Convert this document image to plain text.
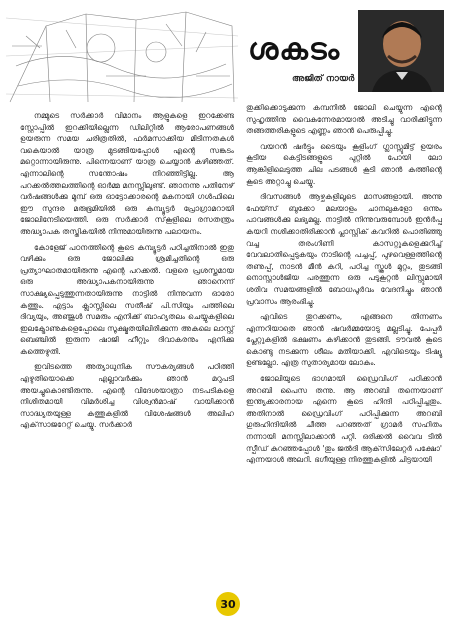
ശകടം
അജിത് നായർ

നമ്മുടെ സർക്കാർ വിമാനം ആളുകളെ ഇറക്കേണ്ട സ്റ്റോപ്പിൽ ഇറക്കിയില്ലെന്ന ഡിലിറ്റിൽ ആരോപണങ്ങൾ ഉയരുന്ന സമയ ചരിത്രതിൽ, ഫർമസാക്കിയ മിടിന്നതകൾ വകെയാൽ യാത്ര മുടങ്ങിയപ്പോൾ എന്റെ സങ്കടം മറ്റൊന്നായിരുന്നു. പിന്നെയാണ് യാത്ര ചെയ്യാൻ കഴിഞ്ഞത്. എന്നാലിന്റെ സന്തോഷം നിറഞ്ഞിട്ടില്ല. ആ പറക്കൽത്തലത്തിന്റെ ഓർമ്മ മനസ്സിലുണ്ട്. ഞാനന്നു പതിനേഴ് വർഷങ്ങൾക്കു മുമ്പ് ഒരു ഓട്ടോക്കാരന്റെ മകനായി ഗൾഫിലെ ഈ സുന്ദര മരുഭൂമിയിൽ ഒരു കമ്പ്യൂട്ടർ പ്രോഗ്രാമറായി ജോലിനേടിയെത്തി. ഒരു സർക്കാർ സ്‌കൂളിലെ രസതന്ത്രം അദ്ധ്യാപക തസ്തികയിൽ നിന്നുമായിരുന്നു പലായനം.

കോളേജ് പഠനത്തിന്റെ കൂടെ കമ്പ്യൂട്ടർ പഠിച്ചതിനാൽ ഇതു വഴിക്കും ഒരു ജോലിക്കു ശ്രമിച്ചതിന്റെ ഒരു പ്രത്യാഘാതമായിരുന്നു എന്റെ പറക്കൽ. വളരെ പ്രശസ്തമായ ഒരു അദ്ധ്യാപകനായിരുന്നു ഞാനെന്ന് സാക്ഷ്യപ്പെടുത്തുന്നതായിരുന്നു നാട്ടിൽ നിന്നുവന്ന ഓരോ കത്തും. എട്ടാം ക്ലാസ്സിലെ സതീഷ് പി.സിയും പത്തിലെ ദിവ്യയും, അഞ്ജുൾ സമരും എനിക്ക് ബാഹ്യതലം ചെയ്യുകളിലെ ഇലക്ട്രോണുകളെപ്പോലെ സൂക്ഷ്മതയിലിരിക്കുന്ന അകലെ ലാസ്റ്റ് ബെഞ്ചിൽ ഇരുന്ന ഷാജി ഹീറ്റും ദിവാകരനും എനിക്കു കത്തെഴുതി.

ഇവിടത്തെ അത്യാധുനിക സൗകര്യങ്ങൾ പഠിത്തി എഴുതിയൊക്കെ എല്ലാവർക്കും ഞാൻ മറുപടി അയച്ചുകൊണ്ടിരുന്നു. എന്റെ വിദേശയാത്രാ നടപടികളെ നിശിതമായി വിമർശിച്ച വിശ്വൻമാഷ് വായിക്കാൻ സാദ്ധ്യതയുള്ള കത്തുകളിൽ വിശേഷങ്ങൾ അലിഹ എക്‌സാജറേറ്റ് ചെയ്യു. സർക്കാർ

തുക്കിക്കൊടുക്കുന്ന കമ്പനിൽ ജോലി ചെയ്യുന്ന എന്റെ സുഹൃത്തിനു വൈകുന്നേരമായാൽ അടിച്ചു വാരിക്കിട്ടുന്ന തങ്ങത്തരികളുടെ എണ്ണം ഞാൻ പെരുപ്പിച്ചു.

വയറൻ ഷർട്ടും ടൈയും കൂളിംഗ് ഗ്ലാസ്സുമിട്ട് ഉയരം കൂടിയ കെട്ടിടങ്ങളുടെ പുറ്റിൽ പോയി ലോ ആങ്കിളിലെടുത്ത ചില പടങ്ങൾ കൂടി ഞാൻ കത്തിന്റെ കൂടെ അറ്റാച്ചു ചെയ്യു.

ദിവസങ്ങൾ ആഴ്ചകളിലൂടെ മാസങ്ങളായി. അന്നു ഫേയ്‌സ് ബുക്കോ മലയാളം ചാനലുകളോ ഒന്നും പാവങ്ങൾക്കു ലഭ്യമല്ല. നാട്ടിൽ നിന്നുവരുമ്പോൾ ഇൻർപ്പ കയറി നശിക്കാതിരിക്കാൻ പ്ലാസ്റ്റിക് കവറിൽ പൊതിഞ്ഞു വച്ച തരംഗിണി കാസറ്റുകളെക്കുറിച്ച് വേവലാതിപ്പെടുകയും നാടിന്റെ പച്ചപ്പ്, പുഴവെള്ളത്തിന്റെ തണുപ്പ്, നാടൻ മീൻ കറി, പഠിച്ച സ്കൂൾ മുറ്റം, തുടങ്ങി നൊസ്റ്റാൾജിയ പരത്തുന്ന ഒരു പടുകൂറ്റൻ ലിസ്റ്റുമായി ശരിവ സമയങ്ങളിൽ ബോധപൂർവം വേദനിച്ചും ഞാൻ പ്രവാസം ആരംഭിച്ചു.

എവിടെ തുറക്കണം, എങ്ങനെ തിന്നണം എന്നറിയാതെ ഞാൻ ഷവർമ്മയോടു മല്ലടിച്ചു. പേപ്പർ പ്ലേറ്റുകളിൽ ഭക്ഷണം കഴിക്കാൻ തുടങ്ങി. ടൗവൽ കൂടെ കൊണ്ടു നടക്കുന്ന ശീലം മതിയാക്കി. എവിടെയും ടിഷ്യു ഉണ്ടല്ലോ. എത്ര സുതാര്യമായ ലോകം.

ജോലിയുടെ ഭാഗമായി ഡ്രൈവിംഗ് പഠിക്കാൻ അറബി പൈസ തന്നു. ആ അറബി തന്നെയാണ് ഇന്ത്യക്കാരനായ എന്നെ കൂടെ ഹിന്ദി പഠിപ്പിച്ചതും. അതിനാൽ ഡ്രൈവിംഗ് പഠിപ്പിക്കുന്ന അറബി ഗുരുഹിന്ദിയിൽ ചീത്ത പറഞ്ഞത് ഗ്രാമർ സഹിതം നന്നായി മനസ്സിലാക്കാൻ പറ്റി. ഒരിക്കൽ വൈവ ടിൽ സ്പീഡ് കുറഞ്ഞപ്പോൾ 'തും ജൽദി ആക്‌സിലേറ്റർ പക്ഷോ' എന്നയാൾ അലറി. ഭഗീയുള്ള നിരത്തുകളിൽ ചിട്ടയായി

30
